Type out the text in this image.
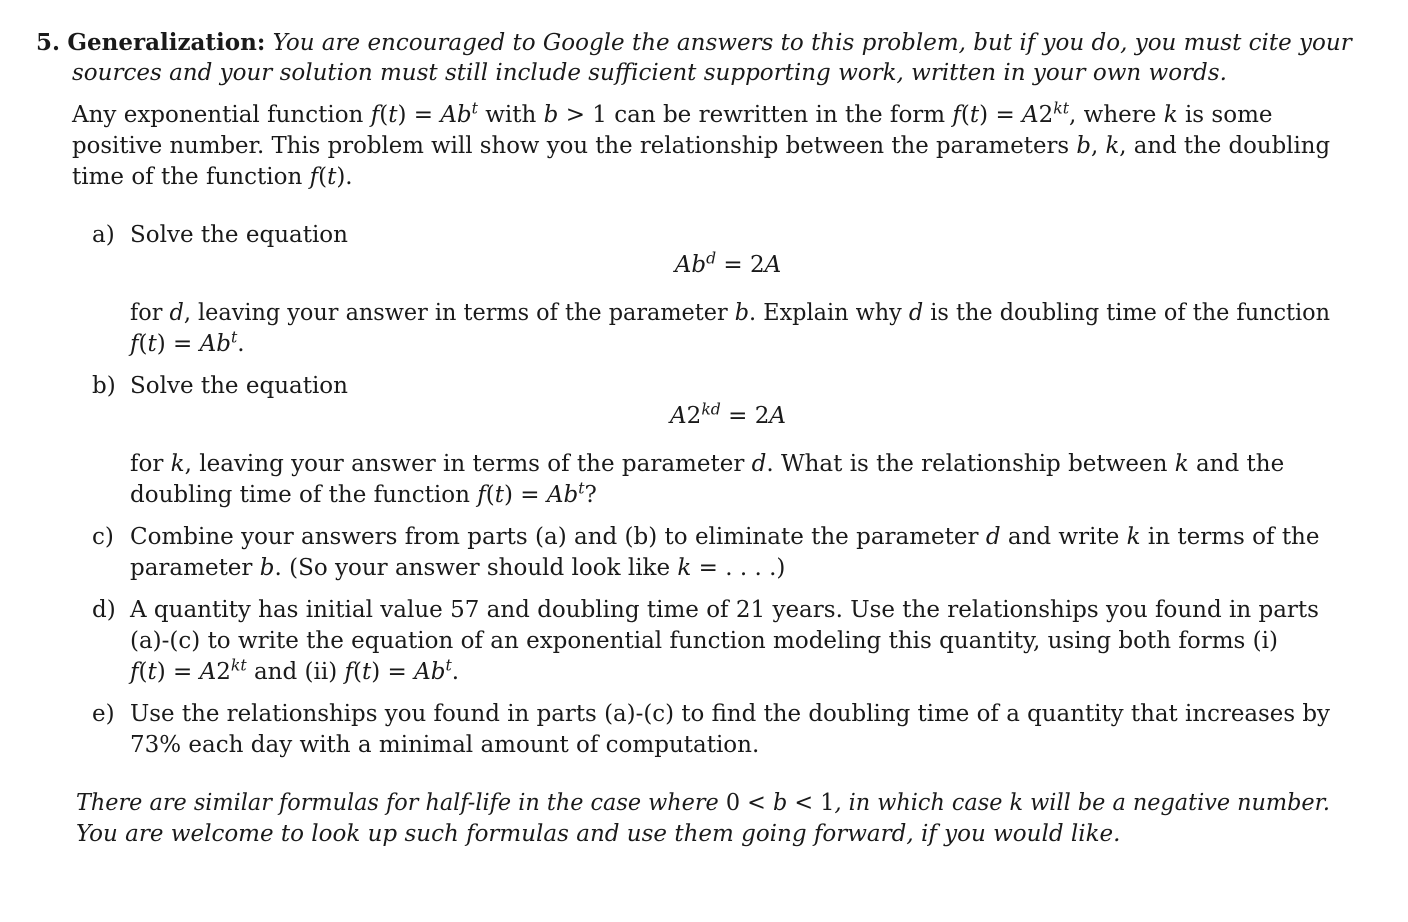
5. Generalization: You are encouraged to Google the answers to this problem, but if you do, you must cite your
sources and your solution must still include sufficient supporting work, written in your own words.
Any exponential function $f(t) = Ab^t$ with b > 1 can be rewritten in the form $f(t) = A2^{kt}$, where k is some
positive number. This problem will show you the relationship between the parameters b, k, and the doubling
time of the function f(t).
a) Solve the equation
$Ab^d = 2A$
for d, leaving your answer in terms of the parameter b. Explain why d is the doubling time of the function
$f(t) = Ab^t$.
b) Solve the equation
$A2^{kd} = 2A$
for k, leaving your answer in terms of the parameter d. What is the relationship between k and the
doubling time of the function $f(t) = Ab^t$?
c) Combine your answers from parts (a) and (b) to eliminate the parameter d and write k in terms of the
parameter b. (So your answer should look like k = . . . .)
d) A quantity has initial value 57 and doubling time of 21 years. Use the relationships you found in parts
(a)-(c) to write the equation of an exponential function modeling this quantity, using both forms (i)
$f(t) = A2^{kt}$ and (ii) $f(t) = Ab^t$.
e) Use the relationships you found in parts (a)-(c) to find the doubling time of a quantity that increases by
73% each day with a minimal amount of computation.
There are similar formulas for half-life in the case where 0 < b < 1, in which case k will be a negative number.
You are welcome to look up such formulas and use them going forward, if you would like.
